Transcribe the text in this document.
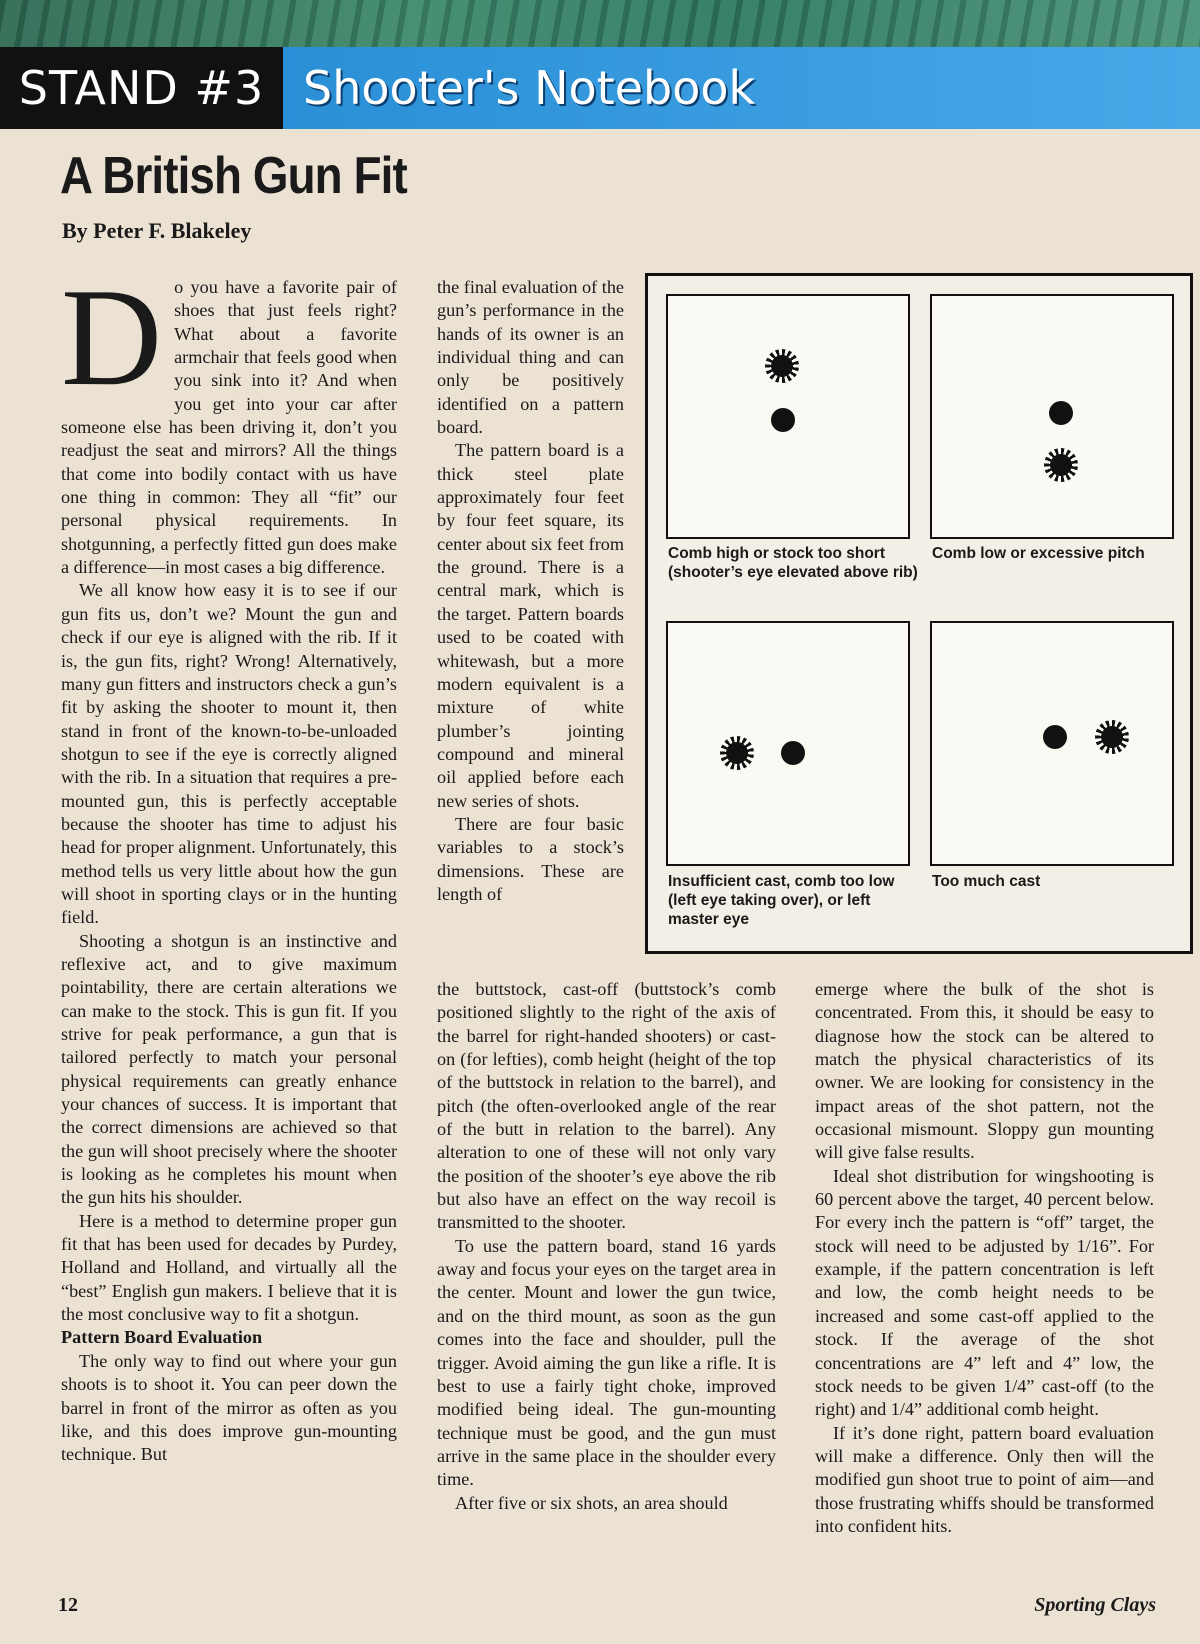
STAND #3 Shooter's Notebook
A British Gun Fit
By Peter F. Blakeley

Do you have a favorite pair of shoes that just feels right? What about a favorite armchair that feels good when you sink into it? And when you get into your car after someone else has been driving it, don’t you readjust the seat and mirrors? All the things that come into bodily contact with us have one thing in common: They all “fit” our personal physical requirements. In shotgunning, a perfectly fitted gun does make a difference—in most cases a big difference.

We all know how easy it is to see if our gun fits us, don’t we? Mount the gun and check if our eye is aligned with the rib. If it is, the gun fits, right? Wrong! Alternatively, many gun fitters and instructors check a gun’s fit by asking the shooter to mount it, then stand in front of the known-to-be-unloaded shotgun to see if the eye is correctly aligned with the rib. In a situation that requires a pre-mounted gun, this is perfectly acceptable because the shooter has time to adjust his head for proper alignment. Unfortunately, this method tells us very little about how the gun will shoot in sporting clays or in the hunting field.

Shooting a shotgun is an instinctive and reflexive act, and to give maximum pointability, there are certain alterations we can make to the stock. This is gun fit. If you strive for peak performance, a gun that is tailored perfectly to match your personal physical requirements can greatly enhance your chances of success. It is important that the correct dimensions are achieved so that the gun will shoot precisely where the shooter is looking as he completes his mount when the gun hits his shoulder.

Here is a method to determine proper gun fit that has been used for decades by Purdey, Holland and Holland, and virtually all the “best” English gun makers. I believe that it is the most conclusive way to fit a shotgun.

Pattern Board Evaluation

The only way to find out where your gun shoots is to shoot it. You can peer down the barrel in front of the mirror as often as you like, and this does improve gun-mounting technique. But

the final evaluation of the gun’s performance in the hands of its owner is an individual thing and can only be positively identified on a pattern board.

The pattern board is a thick steel plate approximately four feet by four feet square, its center about six feet from the ground. There is a central mark, which is the target. Pattern boards used to be coated with whitewash, but a more modern equivalent is a mixture of white plumber’s jointing compound and mineral oil applied before each new series of shots.

There are four basic variables to a stock’s dimensions. These are length of

Comb high or stock too short (shooter’s eye elevated above rib)
Comb low or excessive pitch
Insufficient cast, comb too low (left eye taking over), or left master eye
Too much cast

the buttstock, cast-off (buttstock’s comb positioned slightly to the right of the axis of the barrel for right-handed shooters) or cast-on (for lefties), comb height (height of the top of the buttstock in relation to the barrel), and pitch (the often-overlooked angle of the rear of the butt in relation to the barrel). Any alteration to one of these will not only vary the position of the shooter’s eye above the rib but also have an effect on the way recoil is transmitted to the shooter.

To use the pattern board, stand 16 yards away and focus your eyes on the target area in the center. Mount and lower the gun twice, and on the third mount, as soon as the gun comes into the face and shoulder, pull the trigger. Avoid aiming the gun like a rifle. It is best to use a fairly tight choke, improved modified being ideal. The gun-mounting technique must be good, and the gun must arrive in the same place in the shoulder every time.

After five or six shots, an area should

emerge where the bulk of the shot is concentrated. From this, it should be easy to diagnose how the stock can be altered to match the physical characteristics of its owner. We are looking for consistency in the impact areas of the shot pattern, not the occasional mismount. Sloppy gun mounting will give false results.

Ideal shot distribution for wingshooting is 60 percent above the target, 40 percent below. For every inch the pattern is “off” target, the stock will need to be adjusted by 1/16”. For example, if the pattern concentration is left and low, the comb height needs to be increased and some cast-off applied to the stock. If the average of the shot concentrations are 4” left and 4” low, the stock needs to be given 1/4” cast-off (to the right) and 1/4” additional comb height.

If it’s done right, pattern board evaluation will make a difference. Only then will the modified gun shoot true to point of aim—and those frustrating whiffs should be transformed into confident hits.

12	Sporting Clays
